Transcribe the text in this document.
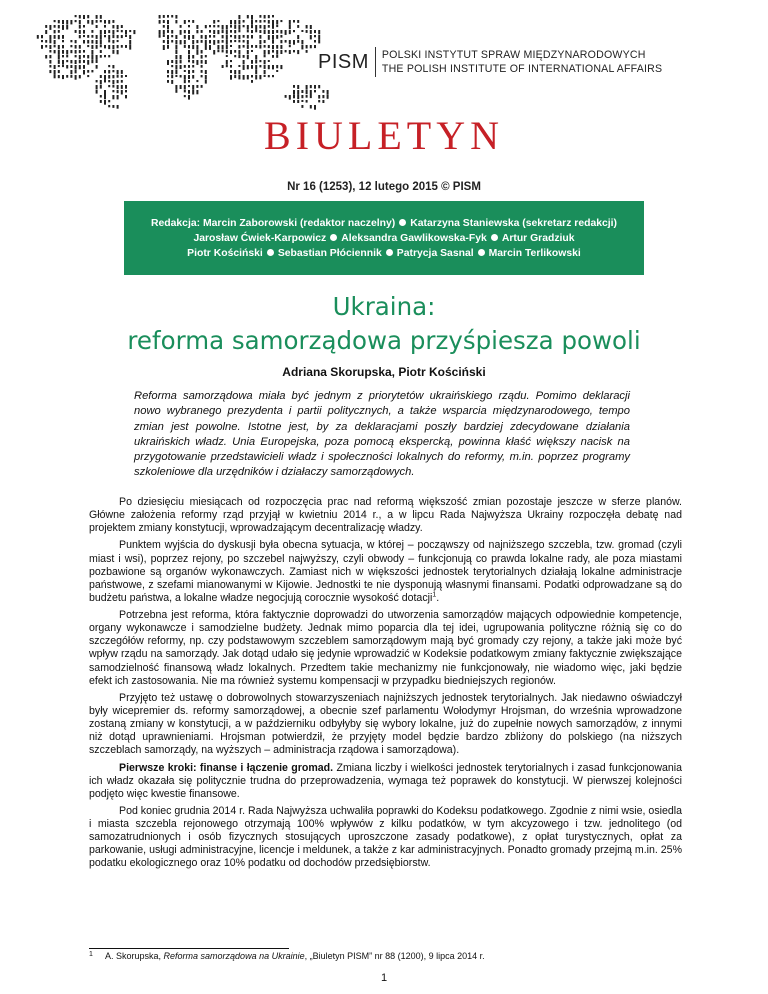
PISM	POLSKI INSTYTUT SPRAW MIĘDZYNARODOWYCH
THE POLISH INSTITUTE OF INTERNATIONAL AFFAIRS
BIULETYN
Nr 16 (1253), 12 lutego 2015 © PISM
Redakcja: Marcin Zaborowski (redaktor naczelny) Katarzyna Staniewska (sekretarz redakcji)
Jarosław Ćwiek-Karpowicz Aleksandra Gawlikowska-Fyk Artur Gradziuk
Piotr Kościński Sebastian Płóciennik Patrycja Sasnal Marcin Terlikowski
Ukraina:
reforma samorządowa przyśpiesza powoli
Adriana Skorupska, Piotr Kościński
Reforma samorządowa miała być jednym z priorytetów ukraińskiego rządu. Pomimo deklaracji nowo wybranego prezydenta i partii politycznych, a także wsparcia międzynarodowego, tempo zmian jest powolne. Istotne jest, by za deklaracjami poszły bardziej zdecydowane działania ukraińskich władz. Unia Europejska, poza pomocą ekspercką, powinna kłaść większy nacisk na przygotowanie przedstawicieli władz i społeczności lokalnych do reformy, m.in. poprzez programy szkoleniowe dla urzędników i działaczy samorządowych.

Po dziesięciu miesiącach od rozpoczęcia prac nad reformą większość zmian pozostaje jeszcze w sferze planów. Główne założenia reformy rząd przyjął w kwietniu 2014 r., a w lipcu Rada Najwyższa Ukrainy rozpoczęła debatę nad projektem zmiany konstytucji, wprowadzającym decentralizację władzy.

Punktem wyjścia do dyskusji była obecna sytuacja, w której – począwszy od najniższego szczebla, tzw. gromad (czyli miast i wsi), poprzez rejony, po szczebel najwyższy, czyli obwody – funkcjonują co prawda lokalne rady, ale poza miastami pozbawione są organów wykonawczych. Zamiast nich w większości jednostek terytorialnych działają lokalne administracje państwowe, z szefami mianowanymi w Kijowie. Jednostki te nie dysponują własnymi finansami. Podatki odprowadzane są do budżetu państwa, a lokalne władze negocjują corocznie wysokość dotacji$^1$.

Potrzebna jest reforma, która faktycznie doprowadzi do utworzenia samorządów mających odpowiednie kompetencje, organy wykonawcze i samodzielne budżety. Jednak mimo poparcia dla tej idei, ugrupowania polityczne różnią się co do szczegółów reformy, np. czy podstawowym szczeblem samorządowym mają być gromady czy rejony, a także jaki może być wpływ rządu na samorządy. Jak dotąd udało się jedynie wprowadzić w Kodeksie podatkowym zmiany faktycznie zwiększające samodzielność finansową władz lokalnych. Przedtem takie mechanizmy nie funkcjonowały, nie wiadomo więc, jaki będzie efekt ich zastosowania. Nie ma również systemu kompensacji w przypadku biedniejszych regionów.

Przyjęto też ustawę o dobrowolnych stowarzyszeniach najniższych jednostek terytorialnych. Jak niedawno oświadczył były wicepremier ds. reformy samorządowej, a obecnie szef parlamentu Wołodymyr Hrojsman, do września wprowadzone zostaną zmiany w konstytucji, a w październiku odbyłyby się wybory lokalne, już do zupełnie nowych samorządów, z innymi niż dotąd uprawnieniami. Hrojsman potwierdził, że przyjęty model będzie bardzo zbliżony do polskiego (na niższych szczeblach samorządy, na wyższych – administracja rządowa i samorządowa).

Pierwsze kroki: finanse i łączenie gromad. Zmiana liczby i wielkości jednostek terytorialnych i zasad funkcjonowania ich władz okazała się politycznie trudna do przeprowadzenia, wymaga też poprawek do konstytucji. W pierwszej kolejności podjęto więc kwestie finansowe.

Pod koniec grudnia 2014 r. Rada Najwyższa uchwaliła poprawki do Kodeksu podatkowego. Zgodnie z nimi wsie, osiedla i miasta szczebla rejonowego otrzymają 100% wpływów z kilku podatków, w tym akcyzowego i tzw. jednolitego (od samozatrudnionych i osób fizycznych stosujących uproszczone zasady podatkowe), z opłat turystycznych, opłat za parkowanie, usługi administracyjne, licencje i meldunek, a także z kar administracyjnych. Ponadto gromady przejmą m.in. 25% podatku ekologicznego oraz 10% podatku od dochodów przedsiębiorstw.

1 A. Skorupska, Reforma samorządowa na Ukrainie, „Biuletyn PISM” nr 88 (1200), 9 lipca 2014 r.
1
